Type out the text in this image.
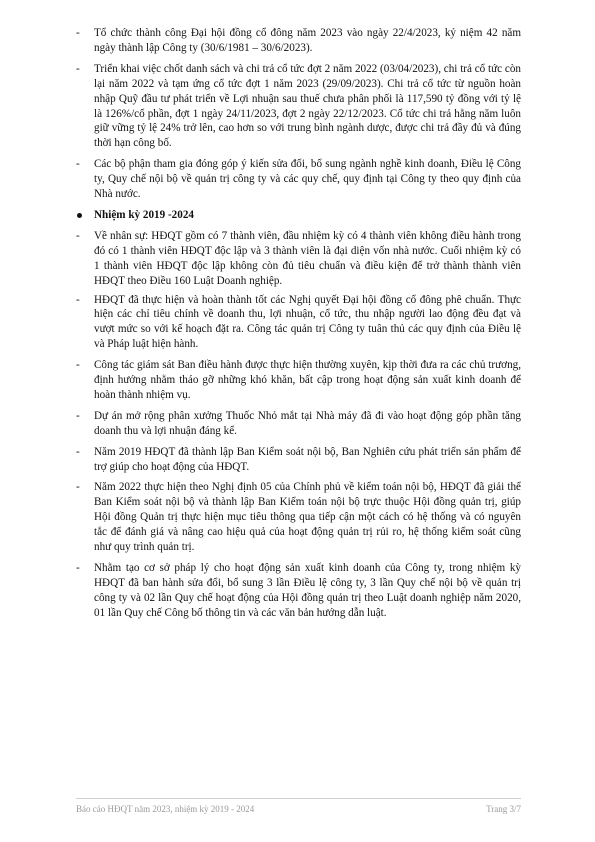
- Tổ chức thành công Đại hội đồng cổ đông năm 2023 vào ngày 22/4/2023, kỷ niệm 42 năm ngày thành lập Công ty (30/6/1981 – 30/6/2023).
- Triển khai việc chốt danh sách và chi trả cổ tức đợt 2 năm 2022 (03/04/2023), chi trả cổ tức còn lại năm 2022 và tạm ứng cổ tức đợt 1 năm 2023 (29/09/2023). Chi trả cổ tức từ nguồn hoàn nhập Quỹ đầu tư phát triển về Lợi nhuận sau thuế chưa phân phối là 117,590 tỷ đồng với tỷ lệ là 126%/cổ phần, đợt 1 ngày 24/11/2023, đợt 2 ngày 22/12/2023. Cổ tức chi trả hằng năm luôn giữ vững tỷ lệ 24% trở lên, cao hơn so với trung bình ngành dược, được chi trả đầy đủ và đúng thời hạn công bố.
- Các bộ phận tham gia đóng góp ý kiến sửa đổi, bổ sung ngành nghề kinh doanh, Điều lệ Công ty, Quy chế nội bộ về quản trị công ty và các quy chế, quy định tại Công ty theo quy định của Nhà nước.
Nhiệm kỳ 2019 -2024
- Về nhân sự: HĐQT gồm có 7 thành viên, đầu nhiệm kỳ có 4 thành viên không điều hành trong đó có 1 thành viên HĐQT độc lập và 3 thành viên là đại diện vốn nhà nước. Cuối nhiệm kỳ có 1 thành viên HĐQT độc lập không còn đủ tiêu chuẩn và điều kiện để trở thành thành viên HĐQT theo Điều 160 Luật Doanh nghiệp.
- HĐQT đã thực hiện và hoàn thành tốt các Nghị quyết Đại hội đồng cổ đông phê chuẩn. Thực hiện các chỉ tiêu chính về doanh thu, lợi nhuận, cổ tức, thu nhập người lao động đều đạt và vượt mức so với kế hoạch đặt ra. Công tác quản trị Công ty tuân thủ các quy định của Điều lệ và Pháp luật hiện hành.
- Công tác giám sát Ban điều hành được thực hiện thường xuyên, kịp thời đưa ra các chủ trương, định hướng nhằm tháo gỡ những khó khăn, bất cập trong hoạt động sản xuất kinh doanh để hoàn thành nhiệm vụ.
- Dự án mở rộng phân xưởng Thuốc Nhỏ mắt tại Nhà máy đã đi vào hoạt động góp phần tăng doanh thu và lợi nhuận đáng kể.
- Năm 2019 HĐQT đã thành lập Ban Kiểm soát nội bộ, Ban Nghiên cứu phát triển sản phẩm để trợ giúp cho hoạt động của HĐQT.
- Năm 2022 thực hiện theo Nghị định 05 của Chính phủ về kiểm toán nội bộ, HĐQT đã giải thể Ban Kiểm soát nội bộ và thành lập Ban Kiểm toán nội bộ trực thuộc Hội đồng quản trị, giúp Hội đồng Quản trị thực hiện mục tiêu thông qua tiếp cận một cách có hệ thống và có nguyên tắc để đánh giá và nâng cao hiệu quả của hoạt động quản trị rủi ro, hệ thống kiểm soát cũng như quy trình quản trị.
- Nhằm tạo cơ sở pháp lý cho hoạt động sản xuất kinh doanh của Công ty, trong nhiệm kỳ HĐQT đã ban hành sửa đổi, bổ sung 3 lần Điều lệ công ty, 3 lần Quy chế nội bộ về quản trị công ty và 02 lần Quy chế hoạt động của Hội đồng quản trị theo Luật doanh nghiệp năm 2020, 01 lần Quy chế Công bố thông tin và các văn bản hướng dẫn luật.
Báo cáo HĐQT năm 2023, nhiệm kỳ 2019 - 2024	Trang 3/7
